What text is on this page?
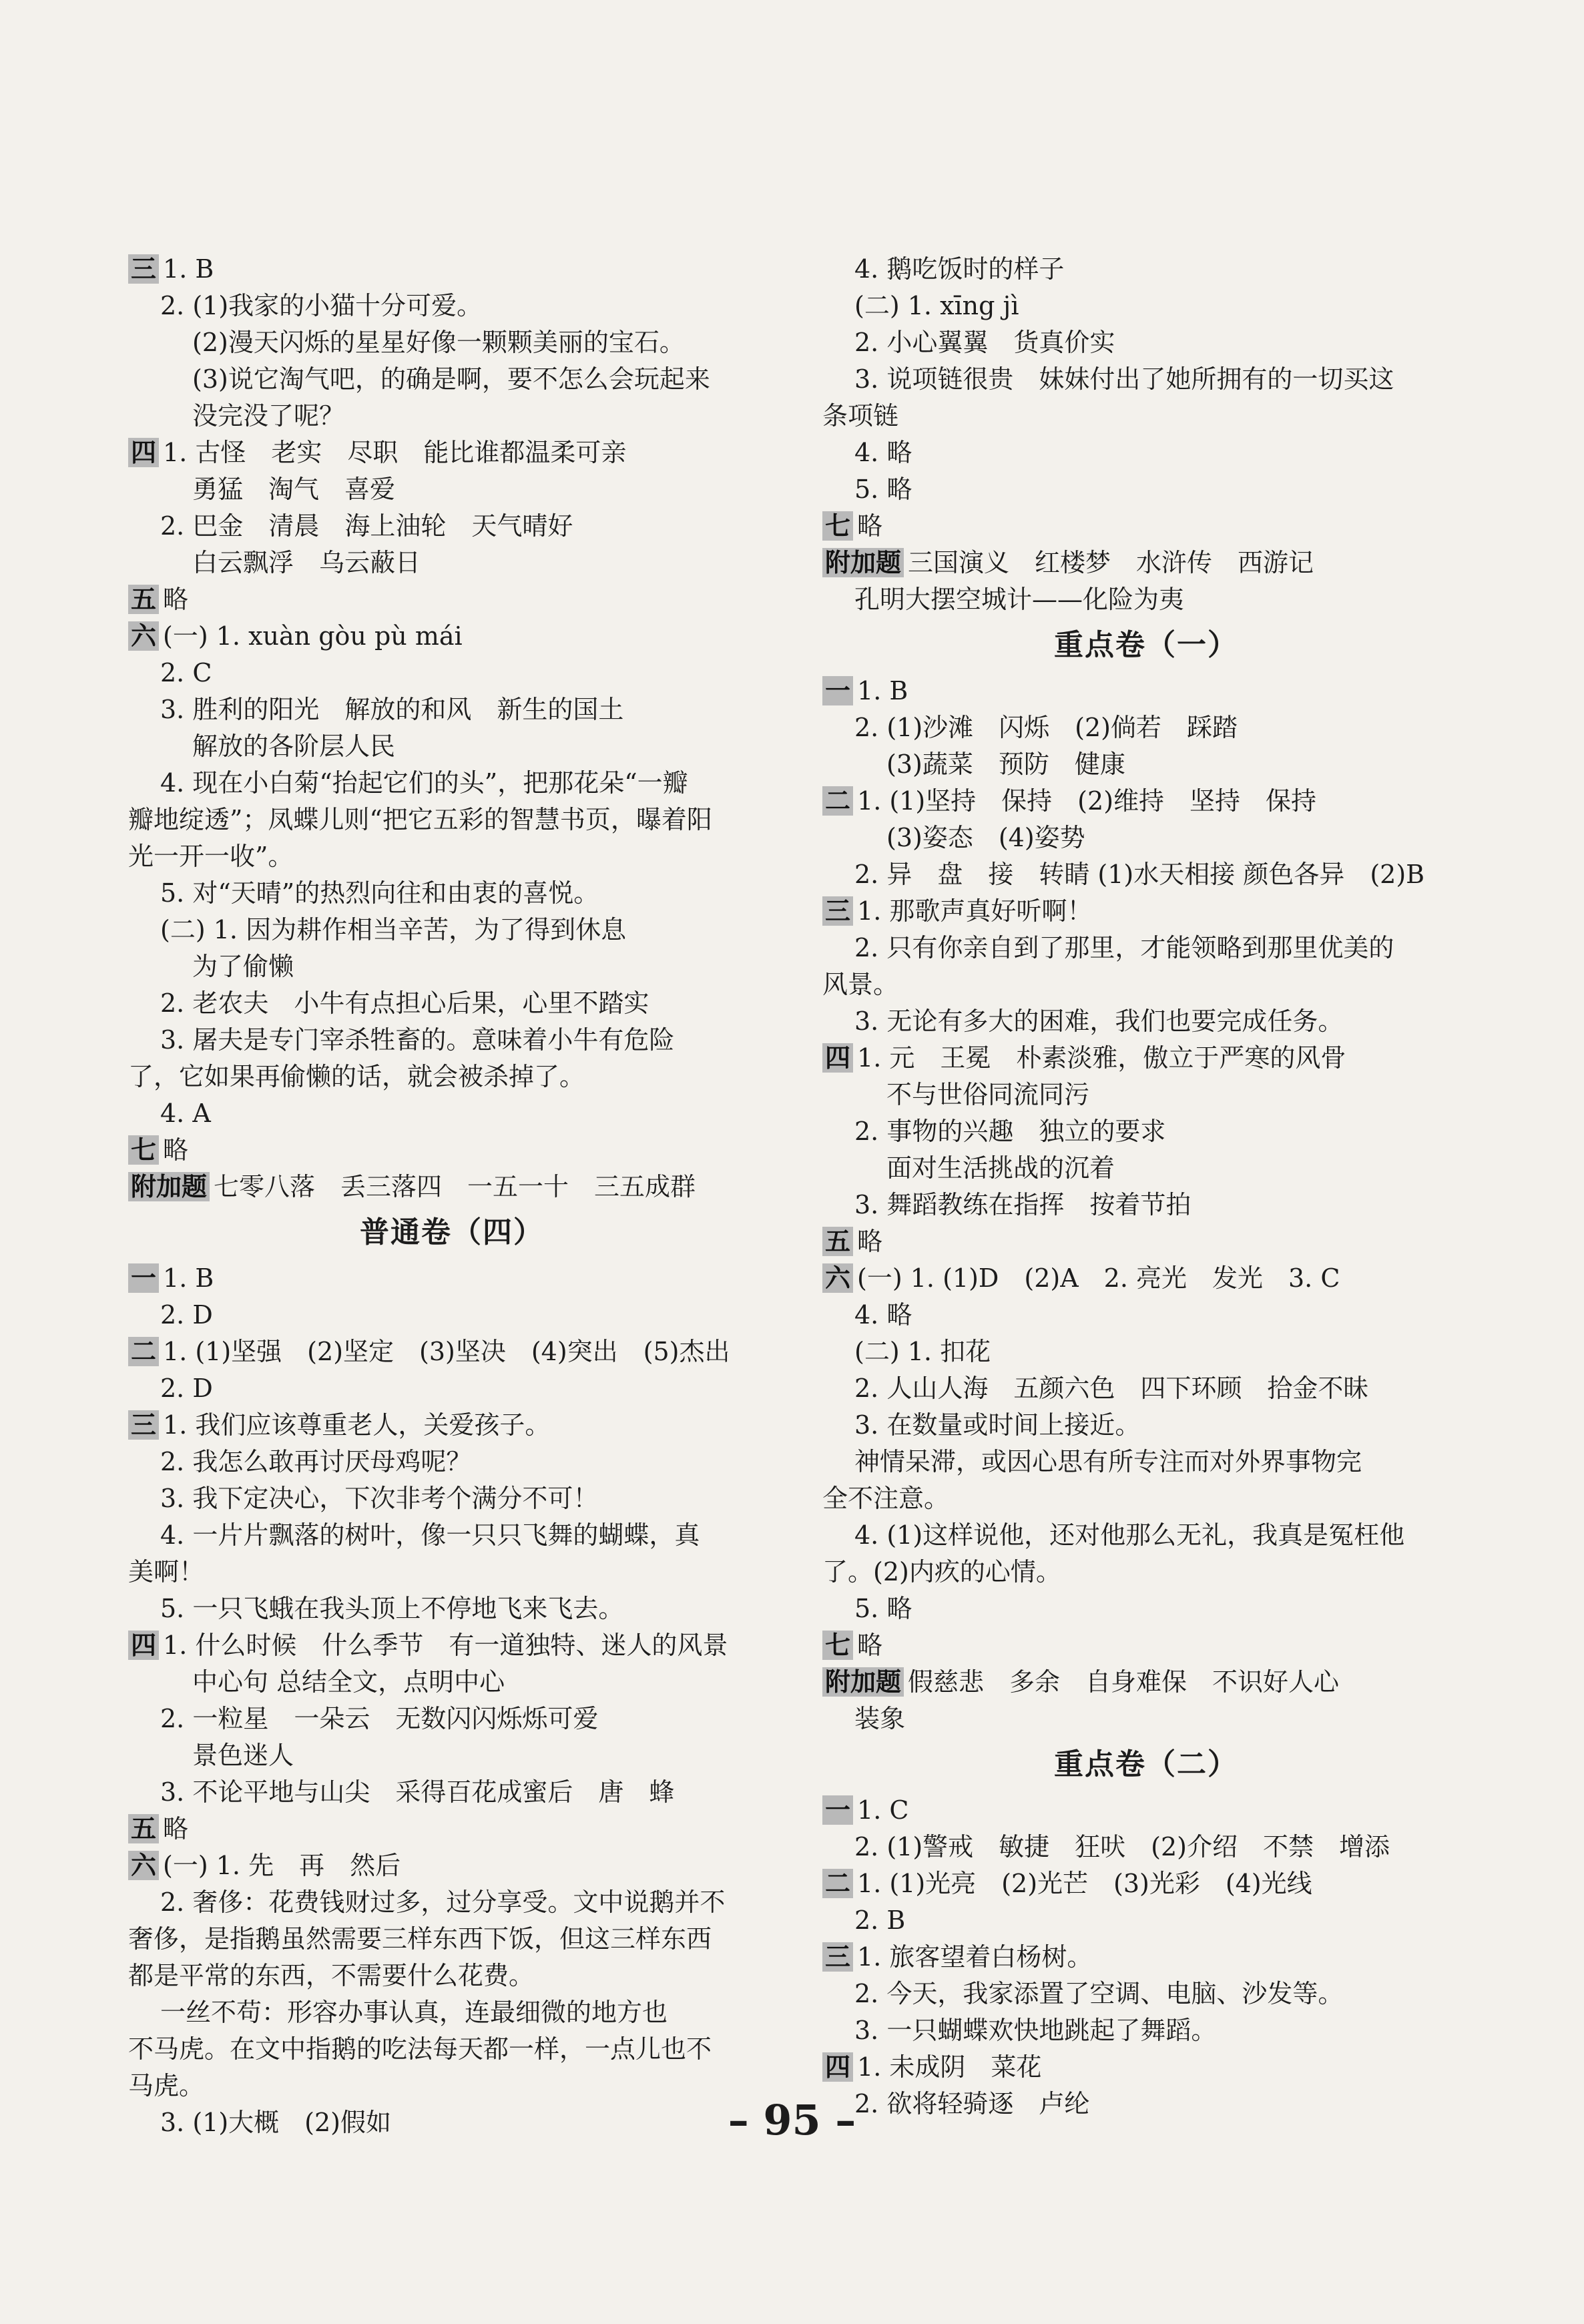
三 1. B
2. (1)我家的小猫十分可爱。
(2)漫天闪烁的星星好像一颗颗美丽的宝石。
(3)说它淘气吧，的确是啊，要不怎么会玩起来
没完没了呢？
四 1. 古怪　老实　尽职　能比谁都温柔可亲
勇猛　淘气　喜爱
2. 巴金　清晨　海上油轮　天气晴好
白云飘浮　乌云蔽日
五 略
六 (一) 1. xuàn gòu pù mái
2. C
3. 胜利的阳光　解放的和风　新生的国土
解放的各阶层人民
4. 现在小白菊“抬起它们的头”，把那花朵“一瓣
瓣地绽透”；凤蝶儿则“把它五彩的智慧书页，曝着阳
光一开一收”。
5. 对“天晴”的热烈向往和由衷的喜悦。
(二) 1. 因为耕作相当辛苦，为了得到休息
为了偷懒
2. 老农夫　小牛有点担心后果，心里不踏实
3. 屠夫是专门宰杀牲畜的。意味着小牛有危险
了，它如果再偷懒的话，就会被杀掉了。
4. A
七 略
附加题 七零八落　丢三落四　一五一十　三五成群
普通卷（四）
一 1. B
2. D
二 1. (1)坚强　(2)坚定　(3)坚决　(4)突出　(5)杰出
2. D
三 1. 我们应该尊重老人，关爱孩子。
2. 我怎么敢再讨厌母鸡呢？
3. 我下定决心，下次非考个满分不可！
4. 一片片飘落的树叶，像一只只飞舞的蝴蝶，真
美啊！
5. 一只飞蛾在我头顶上不停地飞来飞去。
四 1. 什么时候　什么季节　有一道独特、迷人的风景
中心句 总结全文，点明中心
2. 一粒星　一朵云　无数闪闪烁烁可爱
景色迷人
3. 不论平地与山尖　采得百花成蜜后　唐　蜂
五 略
六 (一) 1. 先　再　然后
2. 奢侈：花费钱财过多，过分享受。文中说鹅并不
奢侈，是指鹅虽然需要三样东西下饭，但这三样东西
都是平常的东西，不需要什么花费。
一丝不苟：形容办事认真，连最细微的地方也
不马虎。在文中指鹅的吃法每天都一样，一点儿也不
马虎。
3. (1)大概　(2)假如
4. 鹅吃饭时的样子
(二) 1. xīng jì
2. 小心翼翼　货真价实
3. 说项链很贵　妹妹付出了她所拥有的一切买这
条项链
4. 略
5. 略
七 略
附加题 三国演义　红楼梦　水浒传　西游记
孔明大摆空城计——化险为夷
重点卷（一）
一 1. B
2. (1)沙滩　闪烁　(2)倘若　踩踏
(3)蔬菜　预防　健康
二 1. (1)坚持　保持　(2)维持　坚持　保持
(3)姿态　(4)姿势
2. 异　盘　接　转睛 (1)水天相接 颜色各异　(2)B
三 1. 那歌声真好听啊！
2. 只有你亲自到了那里，才能领略到那里优美的
风景。
3. 无论有多大的困难，我们也要完成任务。
四 1. 元　王冕　朴素淡雅，傲立于严寒的风骨
不与世俗同流同污
2. 事物的兴趣　独立的要求
面对生活挑战的沉着
3. 舞蹈教练在指挥　按着节拍
五 略
六 (一) 1. (1)D　(2)A　2. 亮光　发光　3. C
4. 略
(二) 1. 扣花
2. 人山人海　五颜六色　四下环顾　拾金不昧
3. 在数量或时间上接近。
神情呆滞，或因心思有所专注而对外界事物完
全不注意。
4. (1)这样说他，还对他那么无礼，我真是冤枉他
了。(2)内疚的心情。
5. 略
七 略
附加题 假慈悲　多余　自身难保　不识好人心
装象
重点卷（二）
一 1. C
2. (1)警戒　敏捷　狂吠　(2)介绍　不禁　增添
二 1. (1)光亮　(2)光芒　(3)光彩　(4)光线
2. B
三 1. 旅客望着白杨树。
2. 今天，我家添置了空调、电脑、沙发等。
3. 一只蝴蝶欢快地跳起了舞蹈。
四 1. 未成阴　菜花
2. 欲将轻骑逐　卢纶
– 95 –
